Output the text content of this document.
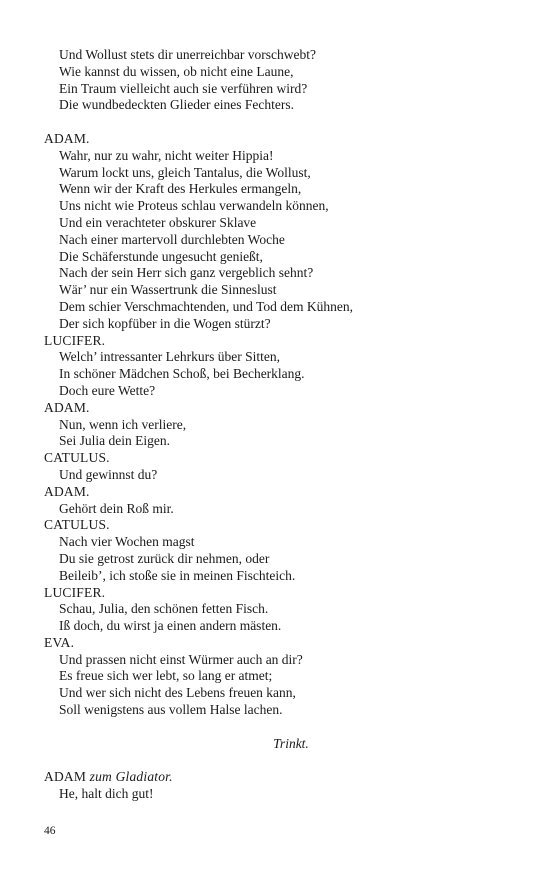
Und Wollust stets dir unerreichbar vorschwebt?
Wie kannst du wissen, ob nicht eine Laune,
Ein Traum vielleicht auch sie verführen wird?
Die wundbedeckten Glieder eines Fechters.
ADAM.
Wahr, nur zu wahr, nicht weiter Hippia!
Warum lockt uns, gleich Tantalus, die Wollust,
Wenn wir der Kraft des Herkules ermangeln,
Uns nicht wie Proteus schlau verwandeln können,
Und ein verachteter obskurer Sklave
Nach einer martervoll durchlebten Woche
Die Schäferstunde ungesucht genießt,
Nach der sein Herr sich ganz vergeblich sehnt?
Wär’ nur ein Wassertrunk die Sinneslust
Dem schier Verschmachtenden, und Tod dem Kühnen,
Der sich kopfüber in die Wogen stürzt?
LUCIFER.
Welch’ intressanter Lehrkurs über Sitten,
In schöner Mädchen Schoß, bei Becherklang.
Doch eure Wette?
ADAM.
Nun, wenn ich verliere,
Sei Julia dein Eigen.
CATULUS.
Und gewinnst du?
ADAM.
Gehört dein Roß mir.
CATULUS.
Nach vier Wochen magst
Du sie getrost zurück dir nehmen, oder
Beileib’, ich stoße sie in meinen Fischteich.
LUCIFER.
Schau, Julia, den schönen fetten Fisch.
Iß doch, du wirst ja einen andern mästen.
EVA.
Und prassen nicht einst Würmer auch an dir?
Es freue sich wer lebt, so lang er atmet;
Und wer sich nicht des Lebens freuen kann,
Soll wenigstens aus vollem Halse lachen.
Trinkt.
ADAM zum Gladiator.
He, halt dich gut!
46
